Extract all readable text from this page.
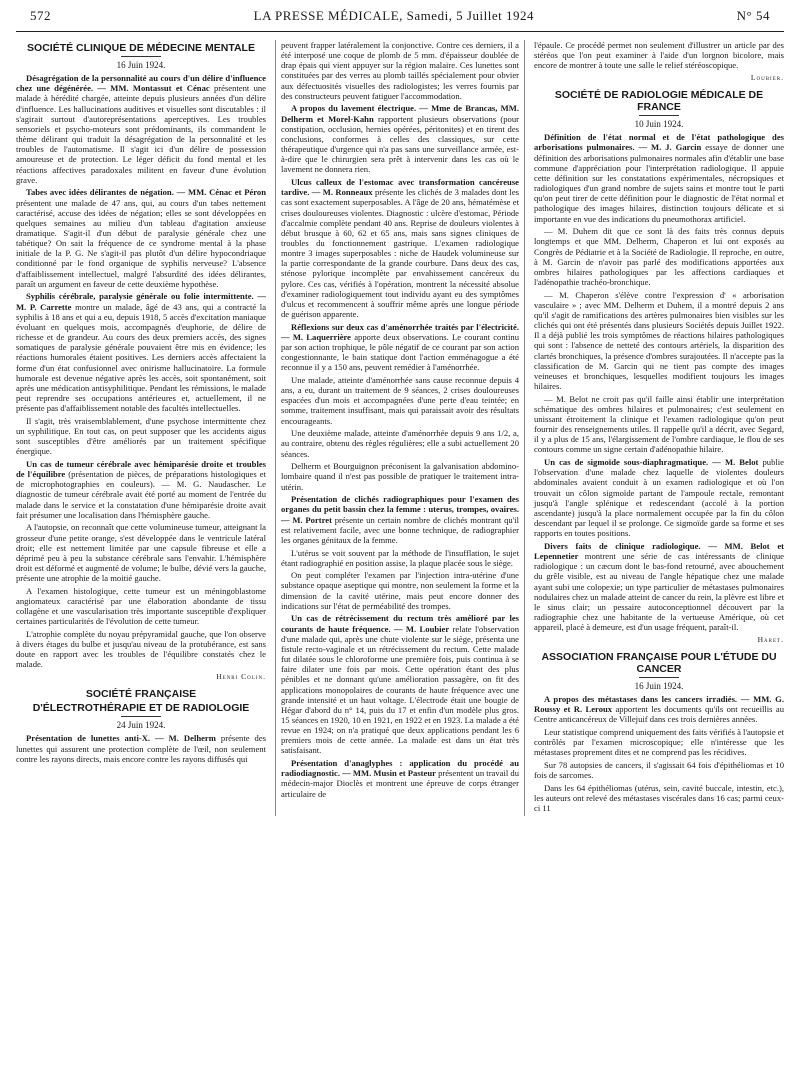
572	LA PRESSE MÉDICALE, Samedi, 5 Juillet 1924	N° 54
SOCIÉTÉ CLINIQUE DE MÉDECINE MENTALE
16 Juin 1924.

Désagrégation de la personnalité au cours d'un délire d'influence chez une dégénérée. — MM. Montassut et Cénac présentent une malade à hérédité chargée, atteinte depuis plusieurs années d'un délire d'influence. Les hallucinations auditives et visuelles sont discutables : il s'agirait surtout d'autoreprésentations aperceptives. Les troubles sensoriels et psycho-moteurs sont prédominants, ils commandent le thème délirant qui traduit la désagrégation de la personnalité et les troubles de l'automatisme. Il s'agit ici d'un délire de possession amoureuse et de protection. Le léger déficit du fond mental et les réactions affectives paradoxales militent en faveur d'une évolution grave.

Tabes avec idées délirantes de négation. — MM. Cénac et Péron présentent une malade de 47 ans, qui, au cours d'un tabes nettement caractérisé, accuse des idées de négation; elles se sont développées en quelques semaines au milieu d'un tableau d'agitation anxieuse dramatique. S'agit-il d'un début de paralysie générale chez une tabétique? On sait la fréquence de ce syndrome mental à la phase initiale de la P. G. Ne s'agit-il pas plutôt d'un délire hypocondriaque conditionné par le fond organique de syphilis nerveuse? L'absence d'affaiblissement intellectuel, malgré l'absurdité des idées délirantes, paraît un argument en faveur de cette deuxième hypothèse.

Syphilis cérébrale, paralysie générale ou folie intermittente. — M. P. Carrette montre un malade, âgé de 43 ans, qui a contracté la syphilis à 18 ans et qui a eu, depuis 1918, 5 accès d'excitation maniaque évoluant en quelques mois, accompagnés d'euphorie, de délire de richesse et de grandeur. Au cours des deux premiers accès, des signes somatiques de paralysie générale pouvaient être mis en évidence; les réactions humorales étaient positives. Les derniers accès affectaient la forme d'un état confusionnel avec onirisme hallucinatoire. La formule humorale est devenue négative après les accès, soit spontanément, soit après une médication antisyphilitique. Pendant les rémissions, le malade peut reprendre ses occupations antérieures et, actuellement, il ne présente pas d'affaiblissement notable des facultés intellectuelles.

Il s'agit, très vraisemblablement, d'une psychose intermittente chez un syphilitique. En tout cas, on peut supposer que les accidents aigus sont susceptibles d'être améliorés par un traitement spécifique énergique.

Un cas de tumeur cérébrale avec hémiparésie droite et troubles de l'équilibre (présentation de pièces, de préparations histologiques et de microphotographies en couleurs). — M. G. Naudascher. Le diagnostic de tumeur cérébrale avait été porté au moment de l'entrée du malade dans le service et la constatation d'une hémiparésie droite avait fait présumer une localisation dans l'hémisphère gauche.

A l'autopsie, on reconnaît que cette volumineuse tumeur, atteignant la grosseur d'une petite orange, s'est développée dans le ventricule latéral droit; elle est nettement limitée par une capsule fibreuse et elle a déprimé peu à peu la substance cérébrale sans l'envahir. L'hémisphère droit est déformé et augmenté de volume; le bulbe, dévié vers la gauche, présente une atrophie de la moitié gauche.

A l'examen histologique, cette tumeur est un méningoblastome angiomateux caractérisé par une élaboration abondante de tissu collagène et une vascularisation très importante susceptible d'expliquer certaines particularités de l'évolution de cette tumeur.

L'atrophie complète du noyau prépyramidal gauche, que l'on observe à divers étages du bulbe et jusqu'au niveau de la protubérance, est sans doute en rapport avec les troubles de l'équilibre constatés chez le malade.

Henri Colin.
SOCIÉTÉ FRANÇAISE
D'ÉLECTROTHÉRAPIE ET DE RADIOLOGIE
24 Juin 1924.

Présentation de lunettes anti-X. — M. Delherm présente des lunettes qui assurent une protection complète de l'œil, non seulement contre les rayons directs, mais encore contre les rayons diffusés qui

peuvent frapper latéralement la conjonctive. Contre ces derniers, il a été interposé une coque de plomb de 5 mm. d'épaisseur doublée de drap épais qui vient appuyer sur la région malaire. Ces lunettes sont constituées par des verres au plomb taillés spécialement pour obvier aux défectuosités visuelles des radiologistes; les verres fournis par des constructeurs peuvent fatiguer l'accommodation.

A propos du lavement électrique. — Mme de Brancas, MM. Delherm et Morel-Kahn rapportent plusieurs observations (pour constipation, occlusion, hernies opérées, péritonites) et en tirent des conclusions, conformes à celles des classiques, sur cette thérapeutique d'urgence qui n'a pas sans une surveillance armée, est-à-dire que le chirurgien sera prêt à intervenir dans les cas où le lavement ne donnera rien.

Ulcus calleux de l'estomac avec transformation cancéreuse tardive. — M. Ronneaux présente les clichés de 3 malades dont les cas sont exactement superposables. A l'âge de 20 ans, hématémèse et crises douloureuses violentes. Diagnostic : ulcère d'estomac, Période d'accalmie complète pendant 40 ans. Reprise de douleurs violentes à début brusque à 60, 62 et 65 ans, mais sans signes cliniques de troubles du fonctionnement gastrique. L'examen radiologique montre 3 images superposables : niche de Haudek volumineuse sur la partie correspondante de la grande courbure. Dans deux des cas, sténose pylorique incomplète par envahissement cancéreux du pylore. Ces cas, vérifiés à l'opération, montrent la nécessité absolue d'examiner radiologiquement tout individu ayant eu des symptômes d'ulcus et recommencent à souffrir même après une longue période de guérison apparente.

Réflexions sur deux cas d'aménorrhée traités par l'électricité. — M. Laquerrière apporte deux observations. Le courant continu par son action trophique, le pôle négatif de ce courant par son action congestionnante, le bain statique dont l'action emménagogue a été reconnue il y a 150 ans, peuvent remédier à l'aménorrhée.

Une malade, atteinte d'aménorrhée sans cause reconnue depuis 4 ans, a eu, durant un traitement de 9 séances, 2 crises douloureuses espacées d'un mois et accompagnées d'une perte d'eau teintée; en somme, traitement insuffisant, mais qui paraissait avoir des résultats encourageants.

Une deuxième malade, atteinte d'aménorrhée depuis 9 ans 1/2, a, au contraire, obtenu des règles régulières; elle a subi actuellement 20 séances.

Delherm et Bourguignon préconisent la galvanisation abdomino-lombaire quand il n'est pas possible de pratiquer le traitement intra-utérin.

Présentation de clichés radiographiques pour l'examen des organes du petit bassin chez la femme : uterus, trompes, ovaires. — M. Portret présente un certain nombre de clichés montrant qu'il est relativement facile, avec une bonne technique, de radiographier les organes génitaux de la femme.

L'utérus se voit souvent par la méthode de l'insufflation, le sujet étant radiographié en position assise, la plaque placée sous le siège.

On peut compléter l'examen par l'injection intra-utérine d'une substance opaque aseptique qui montre, non seulement la forme et la dimension de la cavité utérine, mais peut encore donner des indications sur l'état de perméabilité des trompes.

Un cas de rétrécissement du rectum très amélioré par les courants de haute fréquence. — M. Loubier relate l'observation d'une malade qui, après une chute violente sur le siège, présenta une fistule recto-vaginale et un rétrécissement du rectum. Cette malade fut dilatée sous le chloroforme une première fois, puis continua à se faire dilater une fois par mois. Cette opération étant des plus pénibles et ne donnant qu'une amélioration passagère, on fit des applications monopolaires de courants de haute fréquence avec une grande intensité et un haut voltage. L'électrode était une bougie de Hégar d'abord du n° 14, puis du 17 et enfin d'un modèle plus gros. 15 séances en 1920, 10 en 1921, en 1922 et en 1923. La malade a été revue en 1924; on n'a pratiqué que deux applications pendant les 6 premiers mois de cette année. La malade est dans un état très satisfaisant.

Présentation d'anaglyphes : application du procédé au radiodiagnostic. — MM. Musin et Pasteur présentent un travail du médecin-major Dioclès et montrent une épreuve de corps étranger articulaire de

l'épaule. Ce procédé permet non seulement d'illustrer un article par des stéréos que l'on peut examiner à l'aide d'un lorgnon bicolore, mais encore de montrer à toute une salle le relief stéréoscopique.

Loubier.
SOCIÉTÉ DE RADIOLOGIE MÉDICALE DE FRANCE
10 Juin 1924.

Définition de l'état normal et de l'état pathologique des arborisations pulmonaires. — M. J. Garcin essaye de donner une définition des arborisations pulmonaires normales afin d'établir une base commune d'appréciation pour l'interprétation radiologique. Il appuie cette définition sur les constatations expérimentales, nécropsiques et radiologiques d'un grand nombre de sujets sains et montre tout le parti qu'on peut tirer de cette définition pour le diagnostic de l'état normal et pathologique des images hilaires, distinction toujours délicate et si importante en vue des indications du pneumothorax artificiel.

— M. Duhem dit que ce sont là des faits très connus depuis longtemps et que MM. Delherm, Chaperon et lui ont exposés au Congrès de Pédiatrie et à la Société de Radiologie. Il reproche, en outre, à M. Garcin de n'avoir pas parlé des modifications apportées aux ombres hilaires pathologiques par les affections cardiaques et l'adénopathie trachéo-bronchique.

— M. Chaperon s'élève contre l'expression d' « arborisation vasculaire » ; avec MM. Delherm et Duhem, il a montré depuis 2 ans qu'il s'agit de ramifications des artères pulmonaires bien visibles sur les clichés qui ont été présentés dans plusieurs Sociétés depuis Juillet 1922. Il a déjà publié les trois symptômes de réactions hilaires pathologiques qui sont : l'absence de netteté des contours artériels, la disparition des clartés bronchiques, la présence d'ombres surajoutées. Il n'accepte pas la classification de M. Garcin qui ne tient pas compte des images veineuses et bronchiques, lesquelles modifient toujours les images hilaires.

— M. Belot ne croit pas qu'il faille ainsi établir une interprétation schématique des ombres hilaires et pulmonaires; c'est seulement en unissant étroitement la clinique et l'examen radiologique qu'on peut fournir des renseignements utiles. Il rappelle qu'il a décrit, avec Segard, il y a plus de 15 ans, l'élargissement de l'ombre cardiaque, le flou de ses contours comme un signe certain d'adénopathie hilaire.

Un cas de sigmoïde sous-diaphragmatique. — M. Belot publie l'observation d'une malade chez laquelle de violentes douleurs abdominales avaient conduit à un examen radiologique et où l'on trouvait un côlon sigmoïde partant de l'ampoule rectale, remontant jusqu'à l'angle splénique et redescendant (accolé à la portion ascendante) jusqu'à la place normalement occupée par la fin du côlon descendant par lequel il se prolonge. Ce sigmoïde garde sa forme et ses rapports en toutes positions.

Divers faits de clinique radiologique. — MM. Belot et Lepennetier montrent une série de cas intéressants de clinique radiologique : un cæcum dont le bas-fond retourné, avec abouchement du grêle visible, est au niveau de l'angle hépatique chez une malade ayant subi une colopexie; un type particulier de métastases pulmonaires nodulaires chez un malade atteint de cancer du rein, la plèvre est libre et le sinus clair; un pessaire autoconceptionnel découvert par la radiographie chez une habitante de la vertueuse Amérique, où cet appareil, placé à demeure, est d'un usage fréquent, paraît-il.

Haret.
ASSOCIATION FRANÇAISE POUR L'ÉTUDE DU CANCER
16 Juin 1924.

A propos des métastases dans les cancers irradiés. — MM. G. Roussy et R. Leroux apportent les documents qu'ils ont recueillis au Centre anticancéreux de Villejuif dans ces trois dernières années.

Leur statistique comprend uniquement des faits vérifiés à l'autopsie et contrôlés par l'examen microscopique; elle n'intéresse que les métastases proprement dites et ne comprend pas les récidives.

Sur 78 autopsies de cancers, il s'agissait 64 fois d'épithéliomas et 10 fois de sarcomes.

Dans les 64 épithéliomas (utérus, sein, cavité buccale, intestin, etc.), les auteurs ont relevé des métastases viscérales dans 16 cas; parmi ceux-ci 11
